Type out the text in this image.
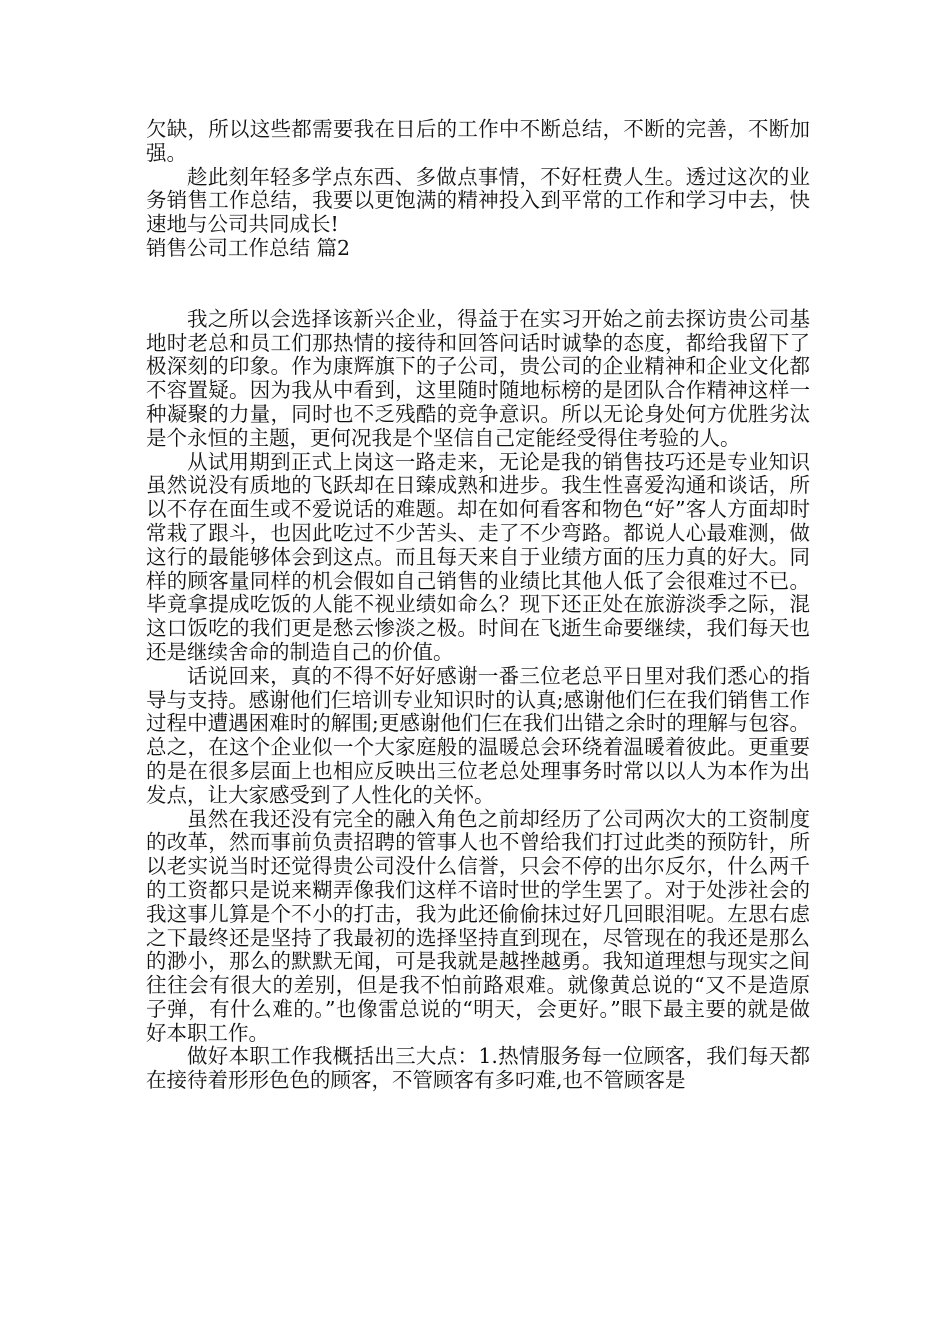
欠缺，所以这些都需要我在日后的工作中不断总结，不断的完善，不断加强。

趁此刻年轻多学点东西、多做点事情，不好枉费人生。透过这次的业务销售工作总结，我要以更饱满的精神投入到平常的工作和学习中去，快速地与公司共同成长!

销售公司工作总结 篇2

我之所以会选择该新兴企业，得益于在实习开始之前去探访贵公司基地时老总和员工们那热情的接待和回答问话时诚挚的态度，都给我留下了极深刻的印象。作为康辉旗下的子公司，贵公司的企业精神和企业文化都不容置疑。因为我从中看到，这里随时随地标榜的是团队合作精神这样一种凝聚的力量，同时也不乏残酷的竞争意识。所以无论身处何方优胜劣汰是个永恒的主题，更何况我是个坚信自己定能经受得住考验的人。

从试用期到正式上岗这一路走来，无论是我的销售技巧还是专业知识虽然说没有质地的飞跃却在日臻成熟和进步。我生性喜爱沟通和谈话，所以不存在面生或不爱说话的难题。却在如何看客和物色“好”客人方面却时常栽了跟斗，也因此吃过不少苦头、走了不少弯路。都说人心最难测，做这行的最能够体会到这点。而且每天来自于业绩方面的压力真的好大。同样的顾客量同样的机会假如自己销售的业绩比其他人低了会很难过不已。毕竟拿提成吃饭的人能不视业绩如命么？现下还正处在旅游淡季之际，混这口饭吃的我们更是愁云惨淡之极。时间在飞逝生命要继续，我们每天也还是继续舍命的制造自己的价值。

话说回来，真的不得不好好感谢一番三位老总平日里对我们悉心的指导与支持。感谢他们仨培训专业知识时的认真;感谢他们仨在我们销售工作过程中遭遇困难时的解围;更感谢他们仨在我们出错之余时的理解与包容。总之，在这个企业似一个大家庭般的温暖总会环绕着温暖着彼此。更重要的是在很多层面上也相应反映出三位老总处理事务时常以以人为本作为出发点，让大家感受到了人性化的关怀。

虽然在我还没有完全的融入角色之前却经历了公司两次大的工资制度的改革，然而事前负责招聘的管事人也不曾给我们打过此类的预防针，所以老实说当时还觉得贵公司没什么信誉，只会不停的出尔反尔，什么两千的工资都只是说来糊弄像我们这样不谙时世的学生罢了。对于处涉社会的我这事儿算是个不小的打击，我为此还偷偷抹过好几回眼泪呢。左思右虑之下最终还是坚持了我最初的选择坚持直到现在，尽管现在的我还是那么的渺小，那么的默默无闻，可是我就是越挫越勇。我知道理想与现实之间往往会有很大的差别，但是我不怕前路艰难。就像黄总说的“又不是造原子弹，有什么难的。”也像雷总说的“明天，会更好。”眼下最主要的就是做好本职工作。

做好本职工作我概括出三大点：1.热情服务每一位顾客，我们每天都在接待着形形色色的顾客，不管顾客有多叼难,也不管顾客是
